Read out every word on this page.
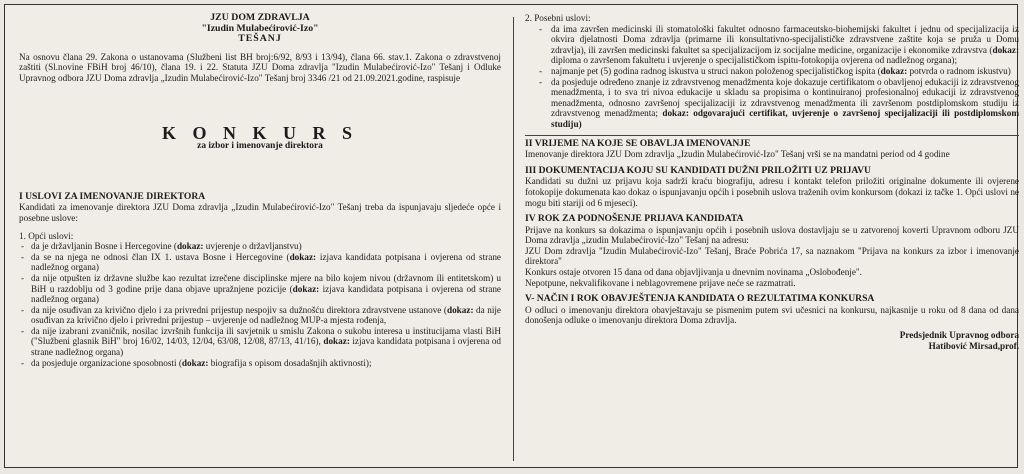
JZU DOM ZDRAVLJA
"Izudin Mulabećirović-Izo"
TEŠANJ

Na osnovu člana 29. Zakona o ustanovama (Službeni list BH broj:6/92, 8/93 i 13/94), člana 66. stav.1. Zakona o zdravstvenoj zaštiti (Sl.novine FBiH broj 46/10), člana 19. i 22. Statuta JZU Doma zdravlja "Izudin Mulabećirović-Izo" Tešanj i Odluke Upravnog odbora JZU Doma zdravlja „Izudin Mulabećirović-Izo" Tešanj broj 3346 /21 od 21.09.2021.godine, raspisuje

K O N K U R S
za izbor i imenovanje direktora
I USLOVI ZA IMENOVANJE DIREKTORA

Kandidati za imenovanje direktora JZU Doma zdravlja „Izudin Mulabećirović-Izo" Tešanj treba da ispunjavaju sljedeće opće i posebne uslove:

1. Opći uslovi:
- da je državljanin Bosne i Hercegovine (dokaz: uvjerenje o državljanstvu)
- da se na njega ne odnosi član IX 1. ustava Bosne i Hercegovine (dokaz: izjava kandidata potpisana i ovjerena od strane nadležnog organa)
- da nije otpušten iz državne službe kao rezultat izrečene disciplinske mjere na bilo kojem nivou (državnom ili entitetskom) u BiH u razdoblju od 3 godine prije dana objave upražnjene pozicije (dokaz: izjava kandidata potpisana i ovjerena od strane nadležnog organa)
- da nije osuđivan za krivično djelo i za privredni prijestup nespojiv sa dužnošću direktora zdravstvene ustanove (dokaz: da nije osuđivan za krivično djelo i privredni prijestup – uvjerenje od nadležnog MUP-a mjesta rođenja,
- da nije izabrani zvaničnik, nosilac izvršnih funkcija ili savjetnik u smislu Zakona o sukobu interesa u institucijama vlasti BiH ("Službeni glasnik BiH" broj 16/02, 14/03, 12/04, 63/08, 12/08, 87/13, 41/16), dokaz: izjava kandidata potpisana i ovjerena od strane nadležnog organa)
- da posjeduje organizacione sposobnosti (dokaz: biografija s opisom dosadašnjih aktivnosti);
2. Posebni uslovi:
- da ima završen medicinski ili stomatološki fakultet odnosno farmaceutsko-biohemijski fakultet i jednu od specijalizacija iz okvira djelatnosti Doma zdravlja (primarne ili konsultativno-specijalističke zdravstvene zaštite koja se pruža u Domu zdravlja), ili završen medicinski fakultet sa specijalizacijom iz socijalne medicine, organizacije i ekonomike zdravstva (dokaz: diploma o završenom fakultetu i uvjerenje o specijalističkom ispitu-fotokopija ovjerena od nadležnog organa);
- najmanje pet (5) godina radnog iskustva u struci nakon položenog specijalističkog ispita (dokaz: potvrda o radnom iskustvu)
- da posjeduje određeno znanje iz zdravstvenog menadžmenta koje dokazuje certifikatom o obavljenoj edukaciji iz zdravstvenog menadžmenta, i to sva tri nivoa edukacije u skladu sa propisima o kontinuiranoj profesionalnoj edukaciji iz zdravstvenog menadžmenta, odnosno završenoj specijalizaciji iz zdravstvenog menadžmenta ili završenom postdiplomskom studiju iz zdravstvenog menadžmenta; dokaz: odgovarajući certifikat, uvjerenje o završenoj specijalizaciji ili postdiplomskom studiju)
II VRIJEME NA KOJE SE OBAVLJA IMENOVANJE

Imenovanje direktora JZU Dom zdravlja „Izudin Mulabećirović-Izo" Tešanj vrši se na mandatni period od 4 godine

III DOKUMENTACIJA KOJU SU KANDIDATI DUŽNI PRILOŽITI UZ PRIJAVU

Kandidati su dužni uz prijavu koja sadrži kraću biografiju, adresu i kontakt telefon priložiti originalne dokumente ili ovjerene fotokopije dokumenata kao dokaz o ispunjavanju općih i posebnih uslova traženih ovim konkursom (dokazi iz tačke 1. Opći uslovi ne mogu biti stariji od 6 mjeseci).

IV ROK ZA PODNOŠENJE PRIJAVA KANDIDATA

Prijave na konkurs sa dokazima o ispunjavanju općih i posebnih uslova dostavljaju se u zatvorenoj koverti Upravnom odboru JZU Doma zdravlja „izudin Mulabećirović-Izo" Tešanj na adresu:

JZU Dom zdravlja "Izudin Mulabećirović-Izo" Tešanj, Braće Pobrića 17, sa naznakom "Prijava na konkurs za izbor i imenovanje direktora"

Konkurs ostaje otvoren 15 dana od dana objavljivanja u dnevnim novinama „Oslobođenje".

Nepotpune, nekvalifikovane i neblagovremene prijave neće se razmatrati.

V- NAČIN I ROK OBAVJEŠTENJA KANDIDATA O REZULTATIMA KONKURSA

O odluci o imenovanju direktora obavještavaju se pismenim putem svi učesnici na konkursu, najkasnije u roku od 8 dana od dana donošenja odluke o imenovanju direktora Doma zdravlja.

Predsjednik Upravnog odbora
Hatibović Mirsad,prof.
